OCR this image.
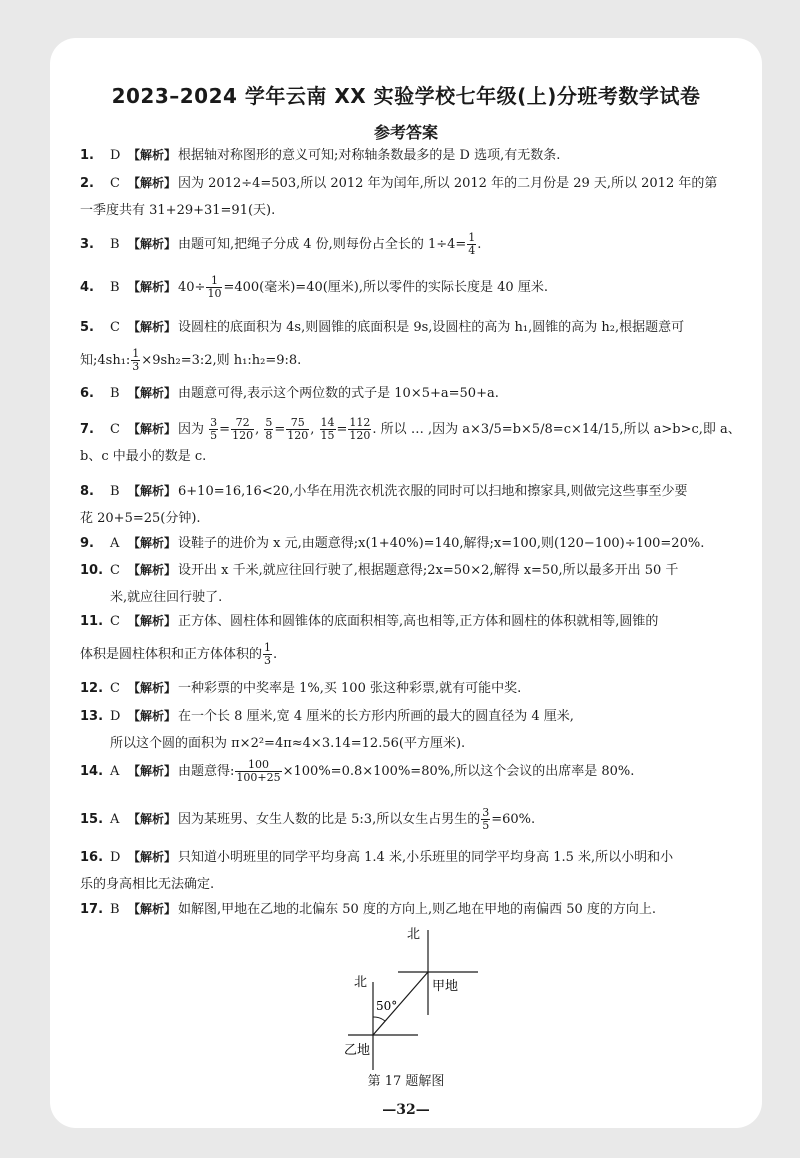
2023–2024 学年云南 XX 实验学校七年级(上)分班考数学试卷
参考答案
1. D 【解析】 根据轴对称图形的意义可知;对称轴条数最多的是 D 选项,有无数条.
2. C 【解析】 因为 2012÷4=503,所以 2012 年为闰年,所以 2012 年的二月份是 29 天,所以 2012 年的第
一季度共有 31+29+31=91(天).
3. B 【解析】 由题可知,把绳子分成 4 份,则每份占全长的 $1\div 4= \frac{1}{4}$ .
4. B 【解析】 $40\div \frac{1}{10} =400$(毫米)=40(厘米),所以零件的实际长度是 40 厘米.
5. C 【解析】 设圆柱的底面积为 4s,则圆锥的底面积是 9s,设圆柱的高为 h₁,圆锥的高为 h₂,根据题意可
知;4sh₁: $\frac{1}{3}$ ×9sh₂=3:2,则 h₁:h₂=9:8.
6. B 【解析】 由题意可得,表示这个两位数的式子是 10×5+a=50+a.
7. C 【解析】 因为 $\frac{3}{5} = \frac{72}{120}$ , $\frac{5}{8} = \frac{75}{120}$ , $\frac{14}{15} = \frac{112}{120}$ . 所以 … ,因为 a×3/5=b×5/8=c×14/15,所以 a>b>c,即 a、
b、c 中最小的数是 c.
8. B 【解析】 6+10=16,16<20,小华在用洗衣机洗衣服的同时可以扫地和擦家具,则做完这些事至少要
花 20+5=25(分钟).
9. A 【解析】 设鞋子的进价为 x 元,由题意得;x(1+40%)=140,解得;x=100,则(120−100)÷100=20%.
10. C 【解析】 设开出 x 千米,就应往回行驶了,根据题意得;2x=50×2,解得 x=50,所以最多开出 50 千
米,就应往回行驶了.
11. C 【解析】 正方体、圆柱体和圆锥体的底面积相等,高也相等,正方体和圆柱的体积就相等,圆锥的
体积是圆柱体积和正方体体积的 $\frac{1}{3}$ .
12. C 【解析】 一种彩票的中奖率是 1%,买 100 张这种彩票,就有可能中奖.
13. D 【解析】 在一个长 8 厘米,宽 4 厘米的长方形内所画的最大的圆直径为 4 厘米,
所以这个圆的面积为 π×2²=4π≈4×3.14=12.56(平方厘米).
14. A 【解析】 由题意得: $\frac{100}{100+25} \times 100\%=0.8\times 100\%=80\%$,所以这个会议的出席率是 80%.
15. A 【解析】 因为某班男、女生人数的比是 5:3,所以女生占男生的 $\frac{3}{5} =60\%$.
16. D 【解析】 只知道小明班里的同学平均身高 1.4 米,小乐班里的同学平均身高 1.5 米,所以小明和小
乐的身高相比无法确定.
17. B 【解析】 如解图,甲地在乙地的北偏东 50 度的方向上,则乙地在甲地的南偏西 50 度的方向上.
北
北
50°
甲地
乙地
第 17 题解图
—32—
